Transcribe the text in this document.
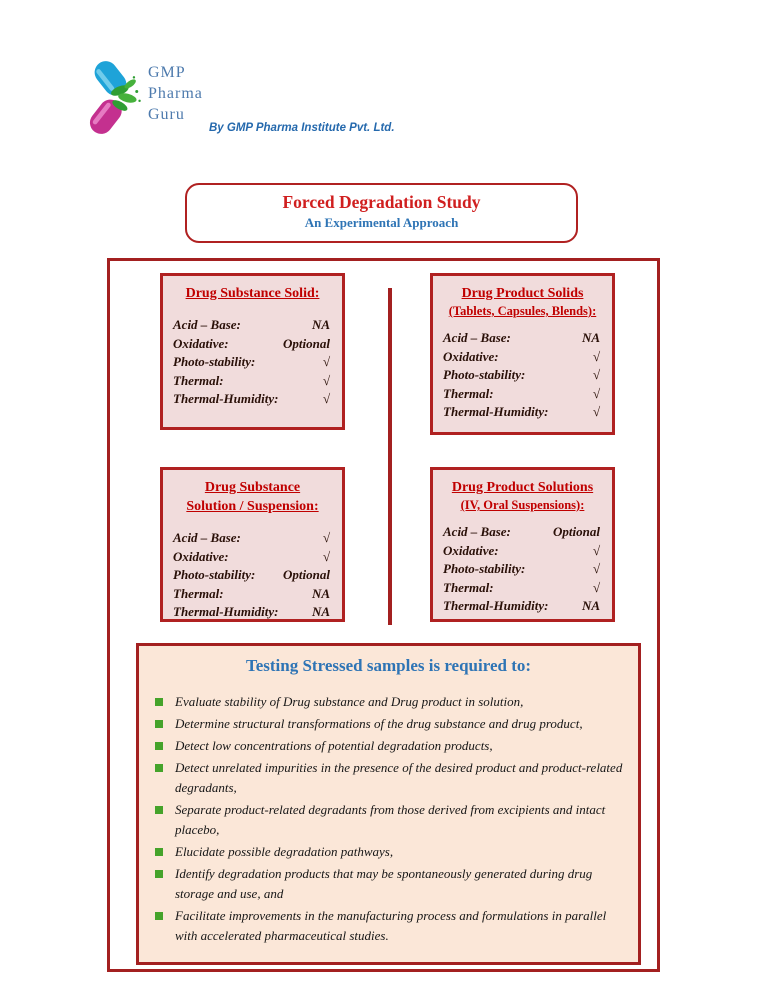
GMP
Pharma
Guru
By GMP Pharma Institute Pvt. Ltd.
Forced Degradation Study
An Experimental Approach
Drug Substance Solid:
Acid – Base:	NA
Oxidative:	Optional
Photo-stability:	√
Thermal:	√
Thermal-Humidity:	√
Drug Product Solids
(Tablets, Capsules, Blends):
Acid – Base:	NA
Oxidative:	√
Photo-stability:	√
Thermal:	√
Thermal-Humidity:	√
Drug Substance
Solution / Suspension:
Acid – Base:	√
Oxidative:	√
Photo-stability: Optional
Thermal:	NA
Thermal-Humidity:	NA
Drug Product Solutions
(IV, Oral Suspensions):
Acid – Base:	Optional
Oxidative:	√
Photo-stability:	√
Thermal:	√
Thermal-Humidity:	NA
Testing Stressed samples is required to:
Evaluate stability of Drug substance and Drug product in solution,
Determine structural transformations of the drug substance and drug product,
Detect low concentrations of potential degradation products,
Detect unrelated impurities in the presence of the desired product and product-related degradants,
Separate product-related degradants from those derived from excipients and intact placebo,
Elucidate possible degradation pathways,
Identify degradation products that may be spontaneously generated during drug storage and use, and
Facilitate improvements in the manufacturing process and formulations in parallel with accelerated pharmaceutical studies.
